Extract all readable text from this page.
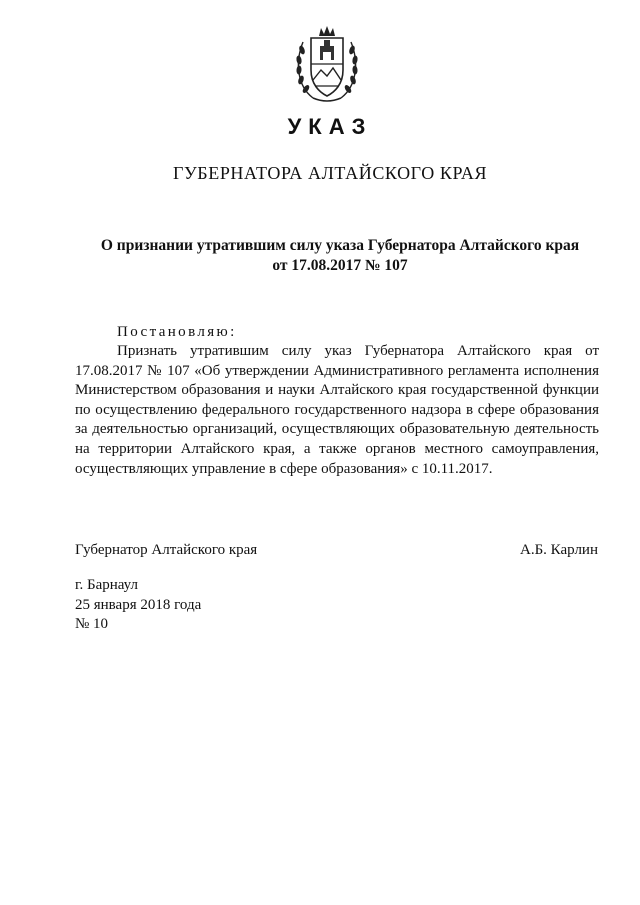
УКАЗ
ГУБЕРНАТОРА АЛТАЙСКОГО КРАЯ
О признании утратившим силу указа Губернатора Алтайского края
от 17.08.2017 № 107
Постановляю:
Признать утратившим силу указ Губернатора Алтайского края от 17.08.2017 № 107 «Об утверждении Административного регламента исполнения Министерством образования и науки Алтайского края государственной функции по осуществлению федерального государственного надзора в сфере образования за деятельностью организаций, осуществляющих образовательную деятельность на территории Алтайского края, а также органов местного самоуправления, осуществляющих управление в сфере образования» с 10.11.2017.
Губернатор Алтайского края	А.Б. Карлин
г. Барнаул
25 января 2018 года
№ 10
